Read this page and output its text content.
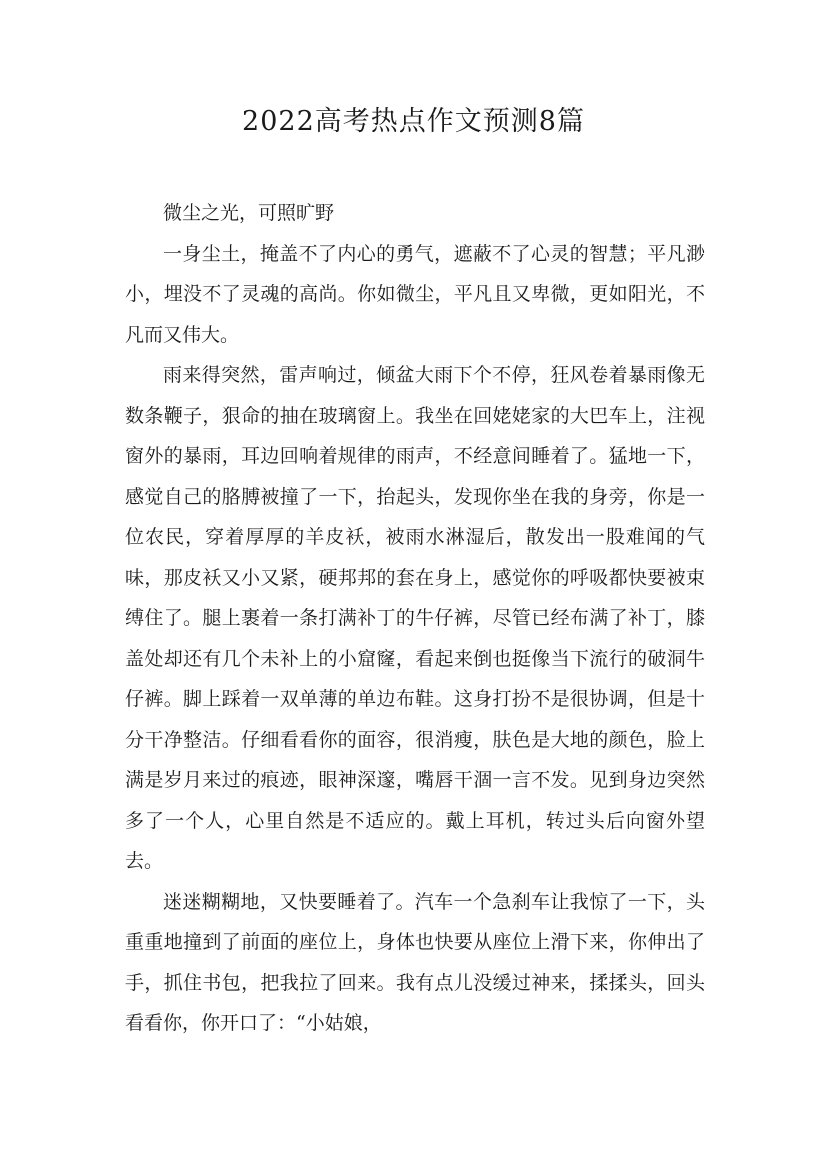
2022高考热点作文预测8篇

微尘之光，可照旷野

一身尘土，掩盖不了内心的勇气，遮蔽不了心灵的智慧；平凡渺小，埋没不了灵魂的高尚。你如微尘，平凡且又卑微，更如阳光，不凡而又伟大。

雨来得突然，雷声响过，倾盆大雨下个不停，狂风卷着暴雨像无数条鞭子，狠命的抽在玻璃窗上。我坐在回姥姥家的大巴车上，注视窗外的暴雨，耳边回响着规律的雨声，不经意间睡着了。猛地一下，感觉自己的胳膊被撞了一下，抬起头，发现你坐在我的身旁，你是一位农民，穿着厚厚的羊皮袄，被雨水淋湿后，散发出一股难闻的气味，那皮袄又小又紧，硬邦邦的套在身上，感觉你的呼吸都快要被束缚住了。腿上裹着一条打满补丁的牛仔裤，尽管已经布满了补丁，膝盖处却还有几个未补上的小窟窿，看起来倒也挺像当下流行的破洞牛仔裤。脚上踩着一双单薄的单边布鞋。这身打扮不是很协调，但是十分干净整洁。仔细看看你的面容，很消瘦，肤色是大地的颜色，脸上满是岁月来过的痕迹，眼神深邃，嘴唇干涸一言不发。见到身边突然多了一个人，心里自然是不适应的。戴上耳机，转过头后向窗外望去。

迷迷糊糊地，又快要睡着了。汽车一个急刹车让我惊了一下，头重重地撞到了前面的座位上，身体也快要从座位上滑下来，你伸出了手，抓住书包，把我拉了回来。我有点儿没缓过神来，揉揉头，回头看看你，你开口了：“小姑娘，
